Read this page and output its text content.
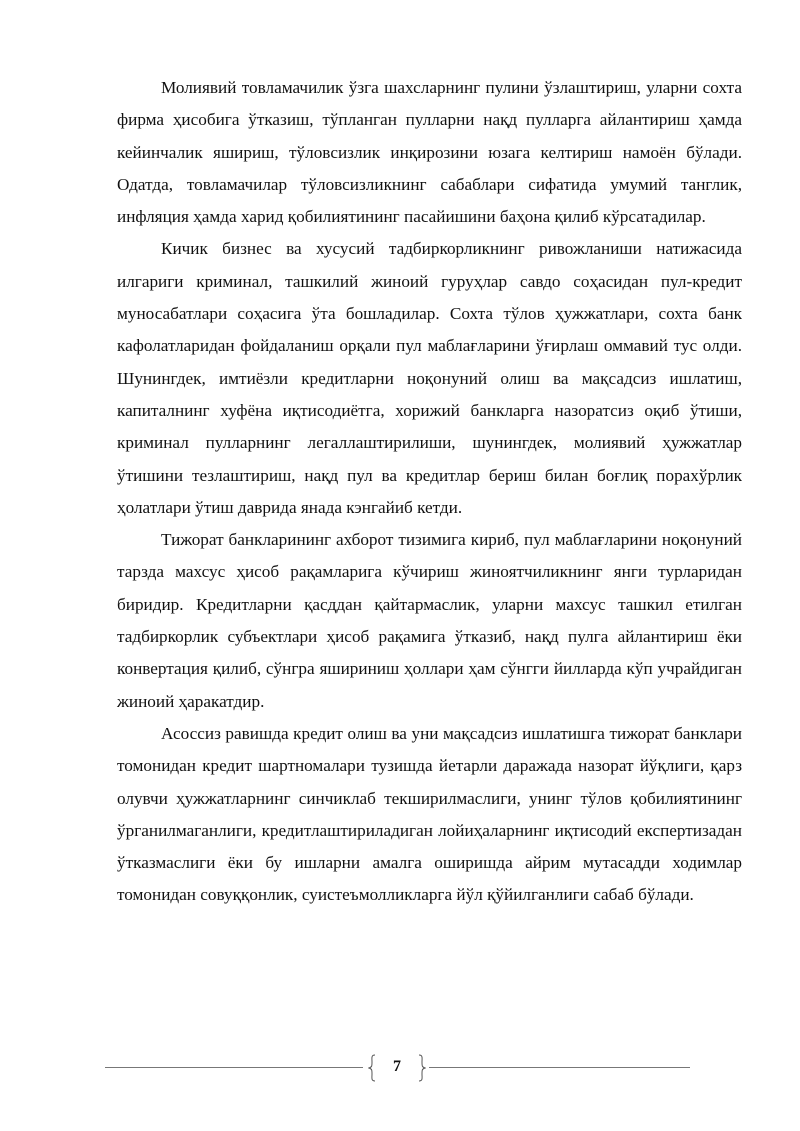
Молиявий товламачилик ўзга шахсларнинг пулини ўзлаштириш, уларни сохта фирма ҳисобига ўтказиш, тўпланган пулларни нақд пулларга айлантириш ҳамда кейинчалик яшириш, тўловсизлик инқирозини юзага келтириш намоён бўлади. Одатда, товламачилар тўловсизликнинг сабаблари сифатида умумий танглик, инфляция ҳамда харид қобилиятининг пасайишини баҳона қилиб кўрсатадилар.

Кичик бизнес ва хусусий тадбиркорликнинг ривожланиши натижасида илгариги криминал, ташкилий жиноий гуруҳлар савдо соҳасидан пул-кредит муносабатлари соҳасига ўта бошладилар. Сохта тўлов ҳужжатлари, сохта банк кафолатларидан фойдаланиш орқали пул маблағларини ўғирлаш оммавий тус олди. Шунингдек, имтиёзли кредитларни ноқонуний олиш ва мақсадсиз ишлатиш, капиталнинг хуфёна иқтисодиётга, хорижий банкларга назоратсиз оқиб ўтиши, криминал пулларнинг легаллаштирилиши, шунингдек, молиявий ҳужжатлар ўтишини тезлаштириш, нақд пул ва кредитлар бериш билан боғлиқ порахўрлик ҳолатлари ўтиш даврида янада кэнгайиб кетди.

Тижорат банкларининг ахборот тизимига кириб, пул маблағларини ноқонуний тарзда махсус ҳисоб рақамларига кўчириш жиноятчиликнинг янги турларидан биридир. Кредитларни қасддан қайтармаслик, уларни махсус ташкил етилган тадбиркорлик субъектлари ҳисоб рақамига ўтказиб, нақд пулга айлантириш ёки конвертация қилиб, сўнгра яшириниш ҳоллари ҳам сўнгги йилларда кўп учрайдиган жиноий ҳаракатдир.

Асоссиз равишда кредит олиш ва уни мақсадсиз ишлатишга тижорат банклари томонидан кредит шартномалари тузишда йетарли даражада назорат йўқлиги, қарз олувчи ҳужжатларнинг синчиклаб текширилмаслиги, унинг тўлов қобилиятининг ўрганилмаганлиги, кредитлаштириладиган лойиҳаларнинг иқтисодий експертизадан ўтказмаслиги ёки бу ишларни амалга оширишда айрим мутасадди ходимлар томонидан совуққонлик, суистеъмолликларга йўл қўйилганлиги сабаб бўлади.

7
